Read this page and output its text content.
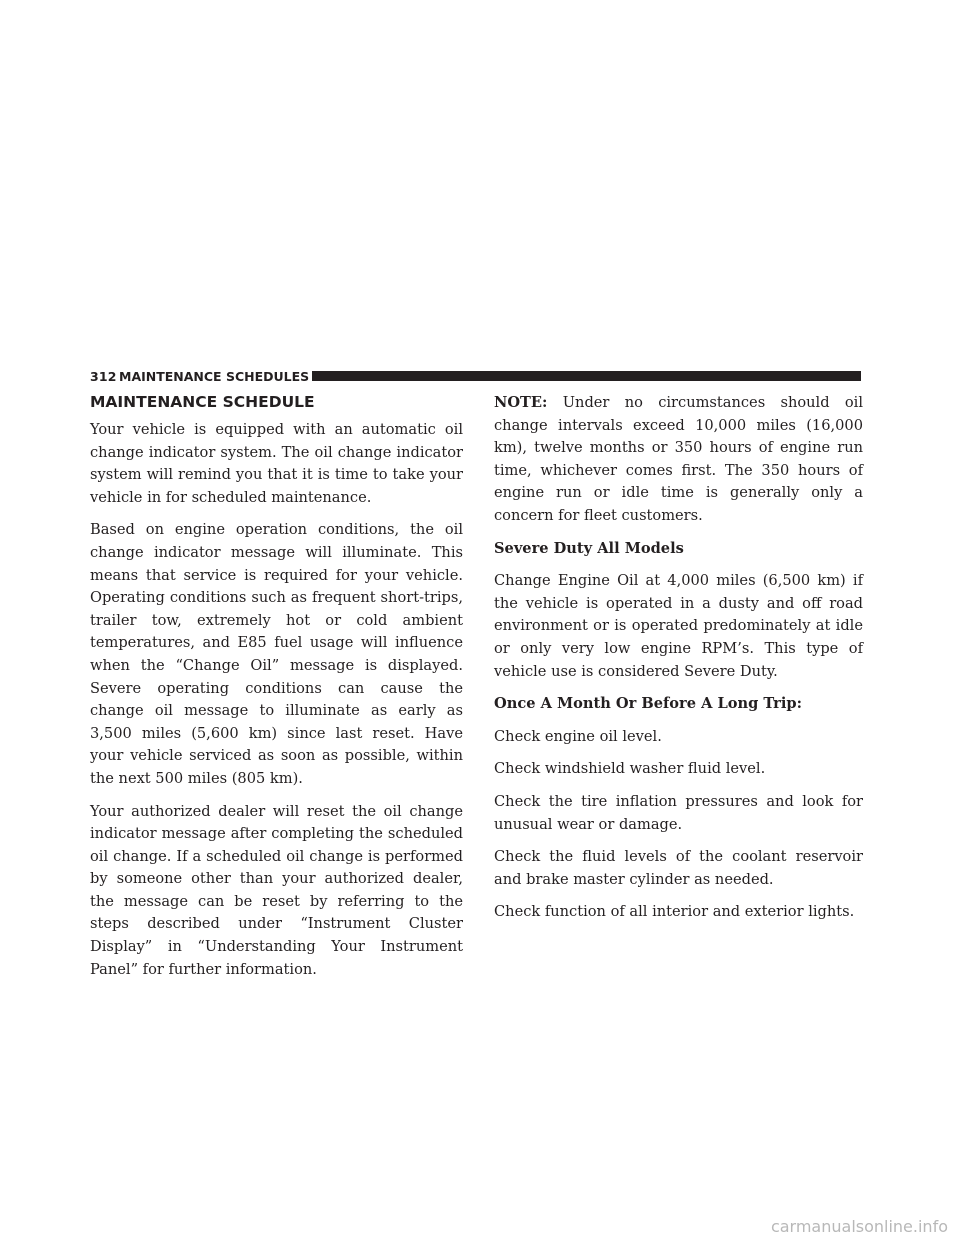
312 MAINTENANCE SCHEDULES
MAINTENANCE SCHEDULE

Your vehicle is equipped with an automatic oil change indicator system. The oil change indicator system will remind you that it is time to take your vehicle in for scheduled maintenance.

Based on engine operation conditions, the oil change indicator message will illuminate. This means that service is required for your vehicle. Operating conditions such as frequent short-trips, trailer tow, extremely hot or cold ambient temperatures, and E85 fuel usage will influence when the “Change Oil” message is displayed. Severe operating conditions can cause the change oil message to illuminate as early as 3,500 miles (5,600 km) since last reset. Have your vehicle serviced as soon as possible, within the next 500 miles (805 km).

Your authorized dealer will reset the oil change indicator message after completing the scheduled oil change. If a scheduled oil change is performed by someone other than your authorized dealer, the message can be reset by referring to the steps described under “Instrument Cluster Display” in “Understanding Your Instrument Panel” for further information.

NOTE: Under no circumstances should oil change intervals exceed 10,000 miles (16,000 km), twelve months or 350 hours of engine run time, whichever comes first. The 350 hours of engine run or idle time is generally only a concern for fleet customers.

Severe Duty All Models

Change Engine Oil at 4,000 miles (6,500 km) if the vehicle is operated in a dusty and off road environment or is operated predominately at idle or only very low engine RPM’s. This type of vehicle use is considered Severe Duty.

Once A Month Or Before A Long Trip:

Check engine oil level.

Check windshield washer fluid level.

Check the tire inflation pressures and look for unusual wear or damage.

Check the fluid levels of the coolant reservoir and brake master cylinder as needed.

Check function of all interior and exterior lights.

carmanualsonline.info
